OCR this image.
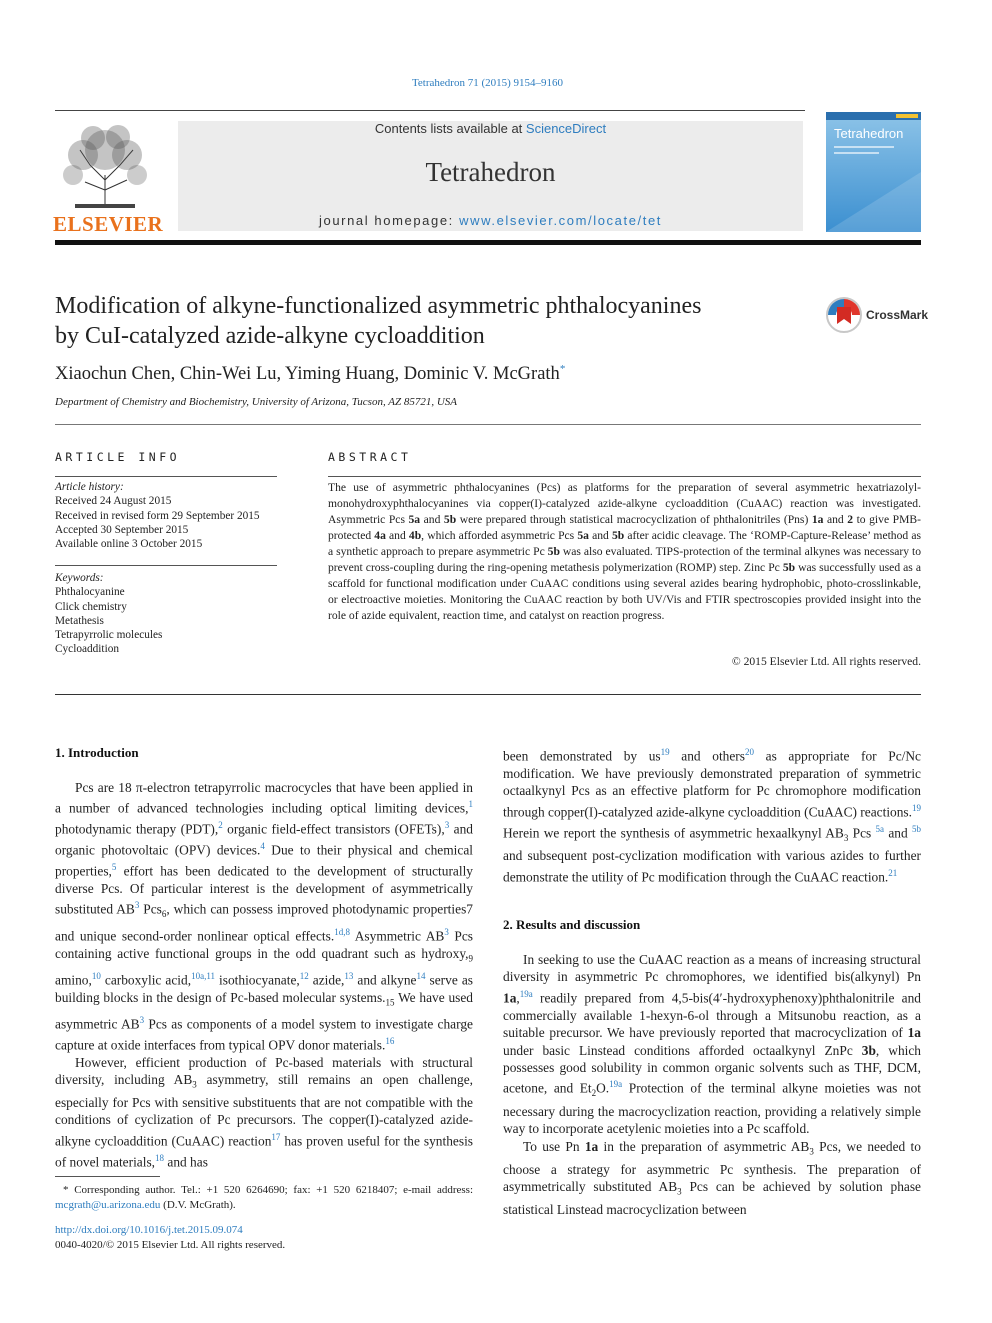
Tetrahedron 71 (2015) 9154–9160
ELSEVIER
Contents lists available at ScienceDirect
Tetrahedron
journal homepage: www.elsevier.com/locate/tet
Tetrahedron
Modification of alkyne-functionalized asymmetric phthalocyanines
by CuI-catalyzed azide-alkyne cycloaddition
CrossMark
Xiaochun Chen, Chin-Wei Lu, Yiming Huang, Dominic V. McGrath*
Department of Chemistry and Biochemistry, University of Arizona, Tucson, AZ 85721, USA
ARTICLE INFO
Article history:
Received 24 August 2015
Received in revised form 29 September 2015
Accepted 30 September 2015
Available online 3 October 2015
Keywords:
Phthalocyanine
Click chemistry
Metathesis
Tetrapyrrolic molecules
Cycloaddition
ABSTRACT
The use of asymmetric phthalocyanines (Pcs) as platforms for the preparation of several asymmetric hexatriazolyl-monohydroxyphthalocyanines via copper(I)-catalyzed azide-alkyne cycloaddition (CuAAC) reaction was investigated. Asymmetric Pcs 5a and 5b were prepared through statistical macrocyclization of phthalonitriles (Pns) 1a and 2 to give PMB-protected 4a and 4b, which afforded asymmetric Pcs 5a and 5b after acidic cleavage. The ‘ROMP-Capture-Release’ method as a synthetic approach to prepare asymmetric Pc 5b was also evaluated. TIPS-protection of the terminal alkynes was necessary to prevent cross-coupling during the ring-opening metathesis polymerization (ROMP) step. Zinc Pc 5b was successfully used as a scaffold for functional modification under CuAAC conditions using several azides bearing hydrophobic, photo-crosslinkable, or electroactive moieties. Monitoring the CuAAC reaction by both UV/Vis and FTIR spectroscopies provided insight into the role of azide equivalent, reaction time, and catalyst on reaction progress.
© 2015 Elsevier Ltd. All rights reserved.
1. Introduction

Pcs are 18 π-electron tetrapyrrolic macrocycles that have been applied in a number of advanced technologies including optical limiting devices,$^1$ photodynamic therapy (PDT),$^2$ organic field-effect transistors (OFETs),$^3$ and organic photovoltaic (OPV) devices.$^4$ Due to their physical and chemical properties,$^5$ effort has been dedicated to the development of structurally diverse Pcs. Of particular interest is the development of asymmetrically substituted $AB^3$ Pcs$_6$, which can possess improved photodynamic properties7 and unique second-order nonlinear optical effects.$^{1d,8}$ Asymmetric $AB^3$ Pcs containing active functional groups in the odd quadrant such as $hydroxy,_9$ amino,$^{10}$ carboxylic acid,$^{10a,11}$ isothiocyanate,$^{12}$ azide,$^{13}$ and alkyne$^{14}$ serve as building blocks in the design of Pc-based molecular $systems._{15}$ We have used asymmetric $AB^3$ Pcs as components of a model system to investigate charge capture at oxide interfaces from typical OPV donor materials.$^{16}$

However, efficient production of Pc-based materials with structural diversity, including $AB_3$ asymmetry, still remains an open challenge, especially for Pcs with sensitive substituents that are not compatible with the conditions of cyclization of Pc precursors. The copper(I)-catalyzed azide-alkyne cycloaddition (CuAAC) reaction$^{17}$ has proven useful for the synthesis of novel materials,$^{18}$ and has

* Corresponding author. Tel.: +1 520 6264690; fax: +1 520 6218407; e-mail address: mcgrath@u.arizona.edu (D.V. McGrath).
http://dx.doi.org/10.1016/j.tet.2015.09.074
0040-4020/© 2015 Elsevier Ltd. All rights reserved.

been demonstrated by $us^{19}$ and others$^{20}$ as appropriate for Pc/Nc modification. We have previously demonstrated preparation of symmetric octaalkynyl Pcs as an effective platform for Pc chromophore modification through copper(I)-catalyzed azide-alkyne cycloaddition (CuAAC) reactions.$^{19}$ Herein we report the synthesis of asymmetric hexaalkynyl $AB_3$ Pcs $^{5a}$ and $^{5b}$ and subsequent post-cyclization modification with various azides to further demonstrate the utility of Pc modification through the CuAAC reaction.$^{21}$

2. Results and discussion

In seeking to use the CuAAC reaction as a means of increasing structural diversity in asymmetric Pc chromophores, we identified bis(alkynyl) Pn 1a,$^{19a}$ readily prepared from 4,5-bis(4′-hydroxyphenoxy)phthalonitrile and commercially available 1-hexyn-6-ol through a Mitsunobu reaction, as a suitable precursor. We have previously reported that macrocyclization of 1a under basic Linstead conditions afforded octaalkynyl ZnPc 3b, which possesses good solubility in common organic solvents such as THF, DCM, acetone, and $Et_2O.^{19a}$ Protection of the terminal alkyne moieties was not necessary during the macrocyclization reaction, providing a relatively simple way to incorporate acetylenic moieties into a Pc scaffold.

To use Pn 1a in the preparation of asymmetric $AB_3$ Pcs, we needed to choose a strategy for asymmetric Pc synthesis. The preparation of asymmetrically substituted $AB_3$ Pcs can be achieved by solution phase statistical Linstead macrocyclization between
